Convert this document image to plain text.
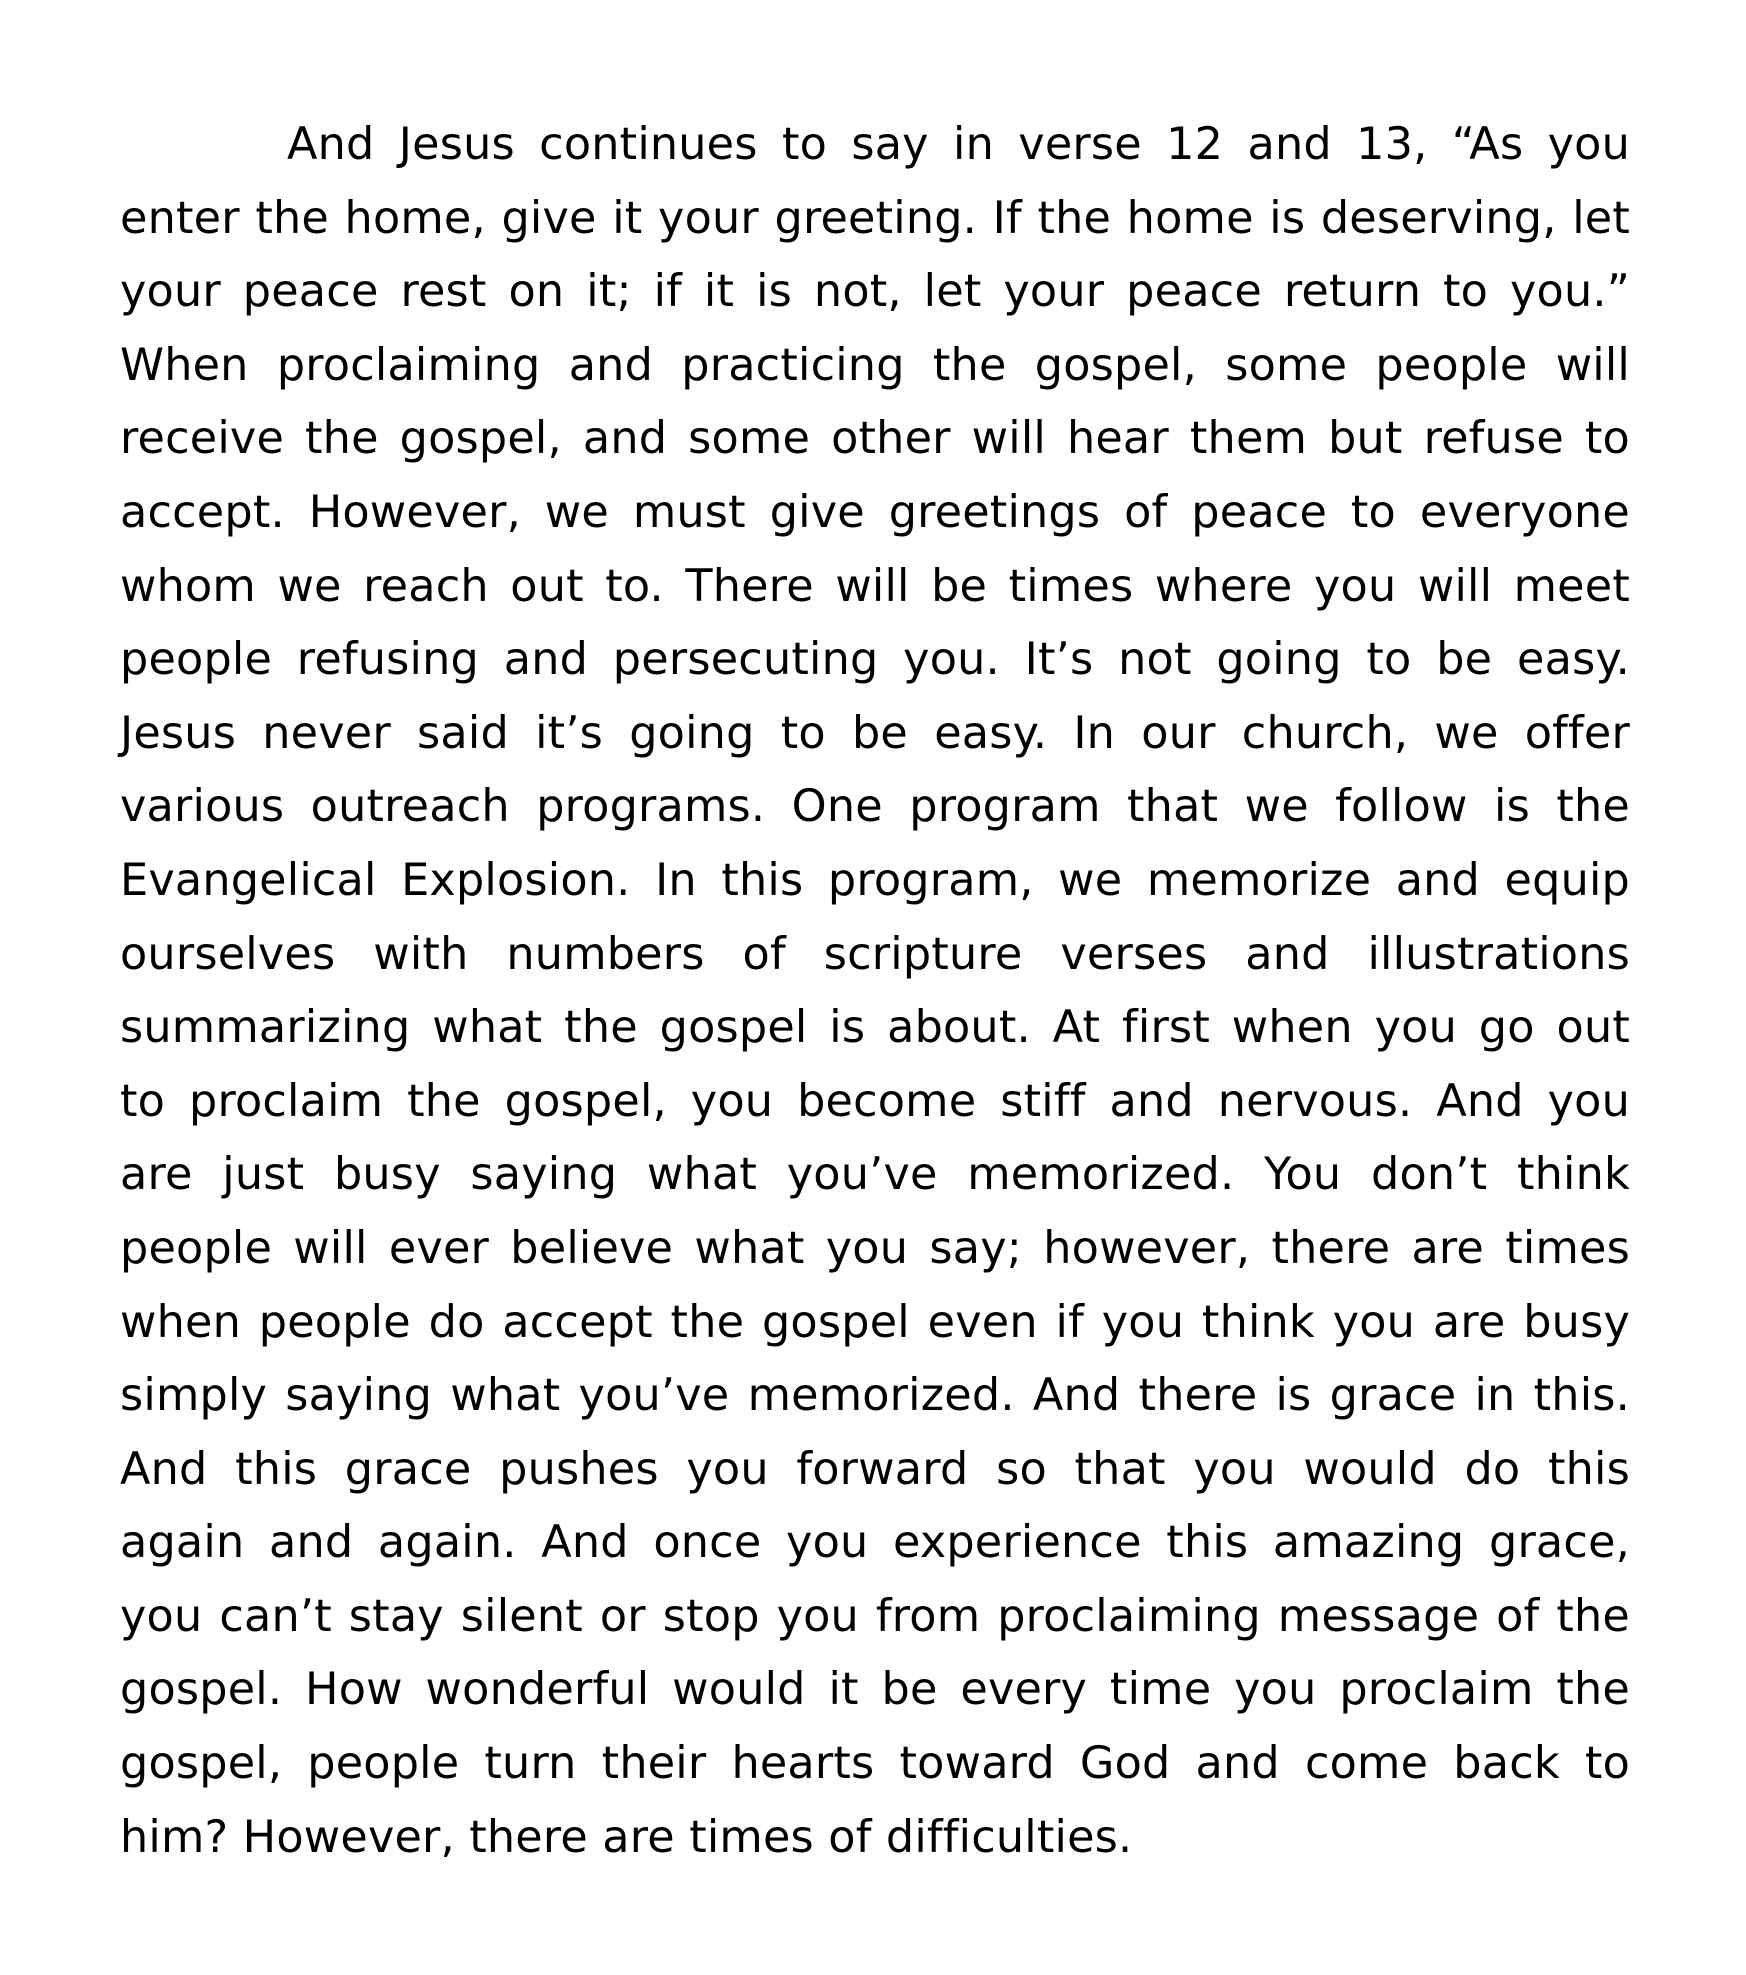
And Jesus continues to say in verse 12 and 13, “As you
enter the home, give it your greeting. If the home is deserving, let
your peace rest on it; if it is not, let your peace return to you.”
When proclaiming and practicing the gospel, some people will
receive the gospel, and some other will hear them but refuse to
accept. However, we must give greetings of peace to everyone
whom we reach out to. There will be times where you will meet
people refusing and persecuting you. It’s not going to be easy.
Jesus never said it’s going to be easy. In our church, we offer
various outreach programs. One program that we follow is the
Evangelical Explosion. In this program, we memorize and equip
ourselves with numbers of scripture verses and illustrations
summarizing what the gospel is about. At first when you go out
to proclaim the gospel, you become stiff and nervous. And you
are just busy saying what you’ve memorized. You don’t think
people will ever believe what you say; however, there are times
when people do accept the gospel even if you think you are busy
simply saying what you’ve memorized. And there is grace in this.
And this grace pushes you forward so that you would do this
again and again. And once you experience this amazing grace,
you can’t stay silent or stop you from proclaiming message of the
gospel. How wonderful would it be every time you proclaim the
gospel, people turn their hearts toward God and come back to
him? However, there are times of difficulties.
